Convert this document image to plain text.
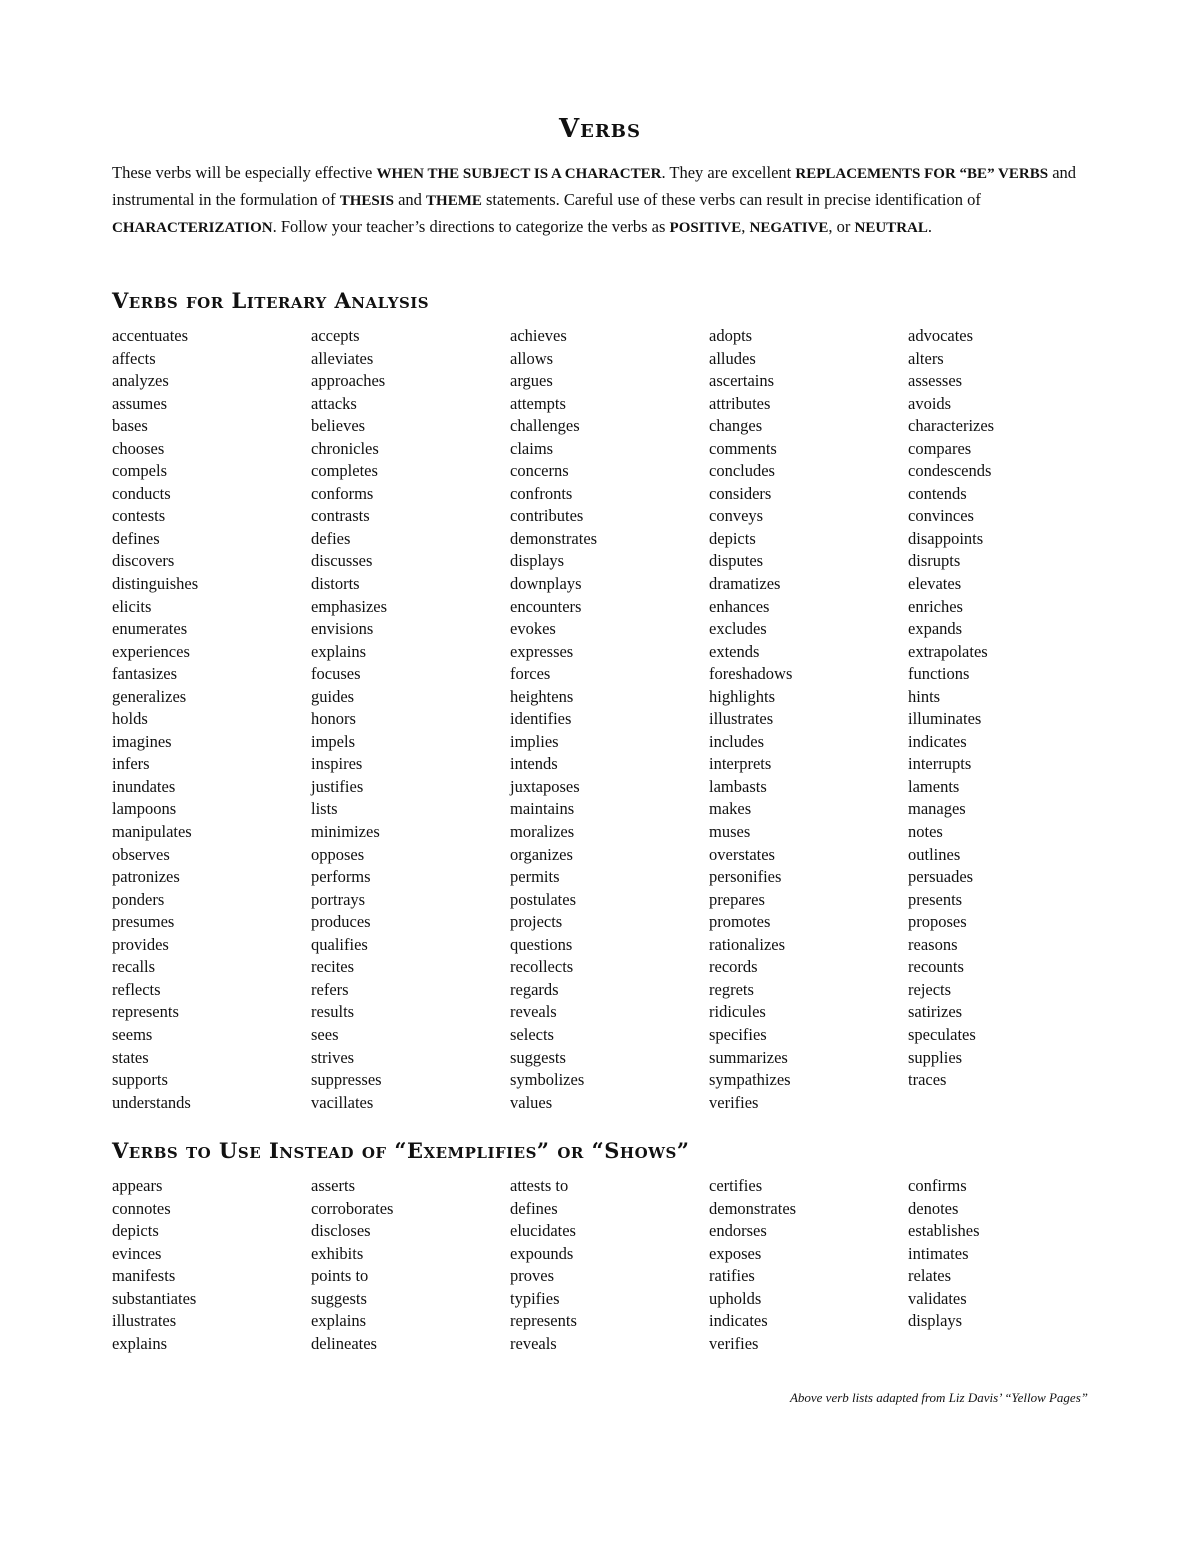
Verbs

These verbs will be especially effective WHEN THE SUBJECT IS A CHARACTER. They are excellent REPLACEMENTS FOR “BE” VERBS and instrumental in the formulation of THESIS and THEME statements. Careful use of these verbs can result in precise identification of CHARACTERIZATION. Follow your teacher’s directions to categorize the verbs as POSITIVE, NEGATIVE, or NEUTRAL.

Verbs for Literary Analysis
accentuates	accepts	achieves	adopts	advocates
affects	alleviates	allows	alludes	alters
analyzes	approaches	argues	ascertains	assesses
assumes	attacks	attempts	attributes	avoids
bases	believes	challenges	changes	characterizes
chooses	chronicles	claims	comments	compares
compels	completes	concerns	concludes	condescends
conducts	conforms	confronts	considers	contends
contests	contrasts	contributes	conveys	convinces
defines	defies	demonstrates	depicts	disappoints
discovers	discusses	displays	disputes	disrupts
distinguishes	distorts	downplays	dramatizes	elevates
elicits	emphasizes	encounters	enhances	enriches
enumerates	envisions	evokes	excludes	expands
experiences	explains	expresses	extends	extrapolates
fantasizes	focuses	forces	foreshadows	functions
generalizes	guides	heightens	highlights	hints
holds	honors	identifies	illustrates	illuminates
imagines	impels	implies	includes	indicates
infers	inspires	intends	interprets	interrupts
inundates	justifies	juxtaposes	lambasts	laments
lampoons	lists	maintains	makes	manages
manipulates	minimizes	moralizes	muses	notes
observes	opposes	organizes	overstates	outlines
patronizes	performs	permits	personifies	persuades
ponders	portrays	postulates	prepares	presents
presumes	produces	projects	promotes	proposes
provides	qualifies	questions	rationalizes	reasons
recalls	recites	recollects	records	recounts
reflects	refers	regards	regrets	rejects
represents	results	reveals	ridicules	satirizes
seems	sees	selects	specifies	speculates
states	strives	suggests	summarizes	supplies
supports	suppresses	symbolizes	sympathizes	traces
understands	vacillates	values	verifies
Verbs to Use Instead of “Exemplifies” or “Shows”
appears	asserts	attests to	certifies	confirms
connotes	corroborates	defines	demonstrates	denotes
depicts	discloses	elucidates	endorses	establishes
evinces	exhibits	expounds	exposes	intimates
manifests	points to	proves	ratifies	relates
substantiates	suggests	typifies	upholds	validates
illustrates	explains	represents	indicates	displays
explains	delineates	reveals	verifies

Above verb lists adapted from Liz Davis’ “Yellow Pages”
